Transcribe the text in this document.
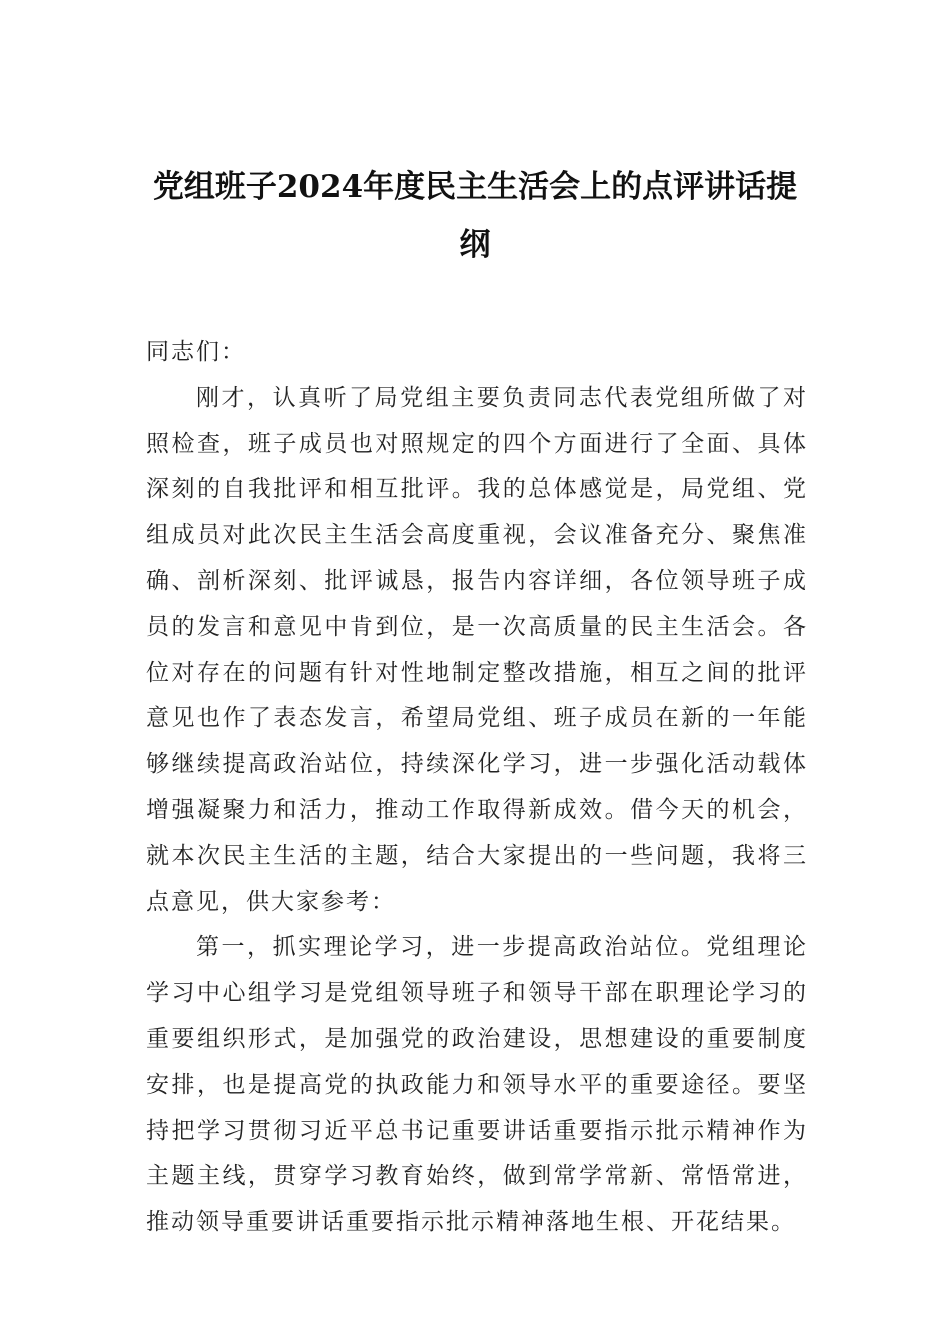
党组班子2024年度民主生活会上的点评讲话提纲

同志们：

刚才，认真听了局党组主要负责同志代表党组所做了对照检查，班子成员也对照规定的四个方面进行了全面、具体深刻的自我批评和相互批评。我的总体感觉是，局党组、党组成员对此次民主生活会高度重视，会议准备充分、聚焦准确、剖析深刻、批评诚恳，报告内容详细，各位领导班子成员的发言和意见中肯到位，是一次高质量的民主生活会。各位对存在的问题有针对性地制定整改措施，相互之间的批评意见也作了表态发言，希望局党组、班子成员在新的一年能够继续提高政治站位，持续深化学习，进一步强化活动载体增强凝聚力和活力，推动工作取得新成效。借今天的机会，就本次民主生活的主题，结合大家提出的一些问题，我将三点意见，供大家参考：

第一，抓实理论学习，进一步提高政治站位。党组理论学习中心组学习是党组领导班子和领导干部在职理论学习的重要组织形式，是加强党的政治建设，思想建设的重要制度安排，也是提高党的执政能力和领导水平的重要途径。要坚持把学习贯彻习近平总书记重要讲话重要指示批示精神作为主题主线，贯穿学习教育始终，做到常学常新、常悟常进，推动领导重要讲话重要指示批示精神落地生根、开花结果。
